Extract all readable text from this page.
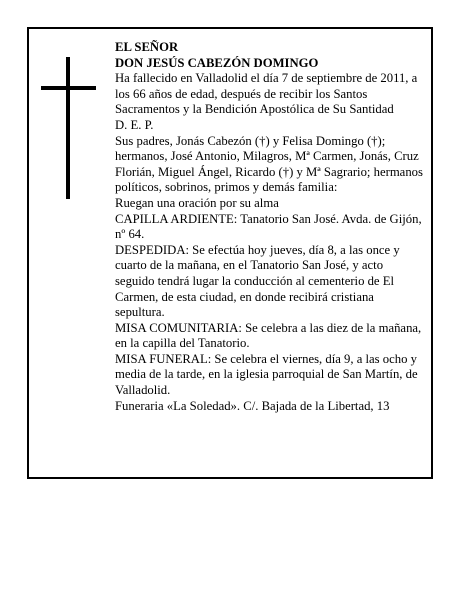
EL SEÑOR

DON JESÚS CABEZÓN DOMINGO

Ha fallecido en Valladolid el día 7 de septiembre de 2011, a los 66 años de edad, después de recibir los Santos Sacramentos y la Bendición Apostólica de Su Santidad

D. E. P.

Sus padres, Jonás Cabezón (†) y Felisa Domingo (†); hermanos, José Antonio, Milagros, Mª Carmen, Jonás, Cruz Florián, Miguel Ángel, Ricardo (†) y Mª Sagrario; hermanos políticos, sobrinos, primos y demás familia:

Ruegan una oración por su alma

CAPILLA ARDIENTE: Tanatorio San José. Avda. de Gijón, nº 64.

DESPEDIDA: Se efectúa hoy jueves, día 8, a las once y cuarto de la mañana, en el Tanatorio San José, y acto seguido tendrá lugar la conducción al cementerio de El Carmen, de esta ciudad, en donde recibirá cristiana sepultura.

MISA COMUNITARIA: Se celebra a las diez de la mañana, en la capilla del Tanatorio.

MISA FUNERAL: Se celebra el viernes, día 9, a las ocho y media de la tarde, en la iglesia parroquial de San Martín, de Valladolid.

Funeraria «La Soledad». C/. Bajada de la Libertad, 13
